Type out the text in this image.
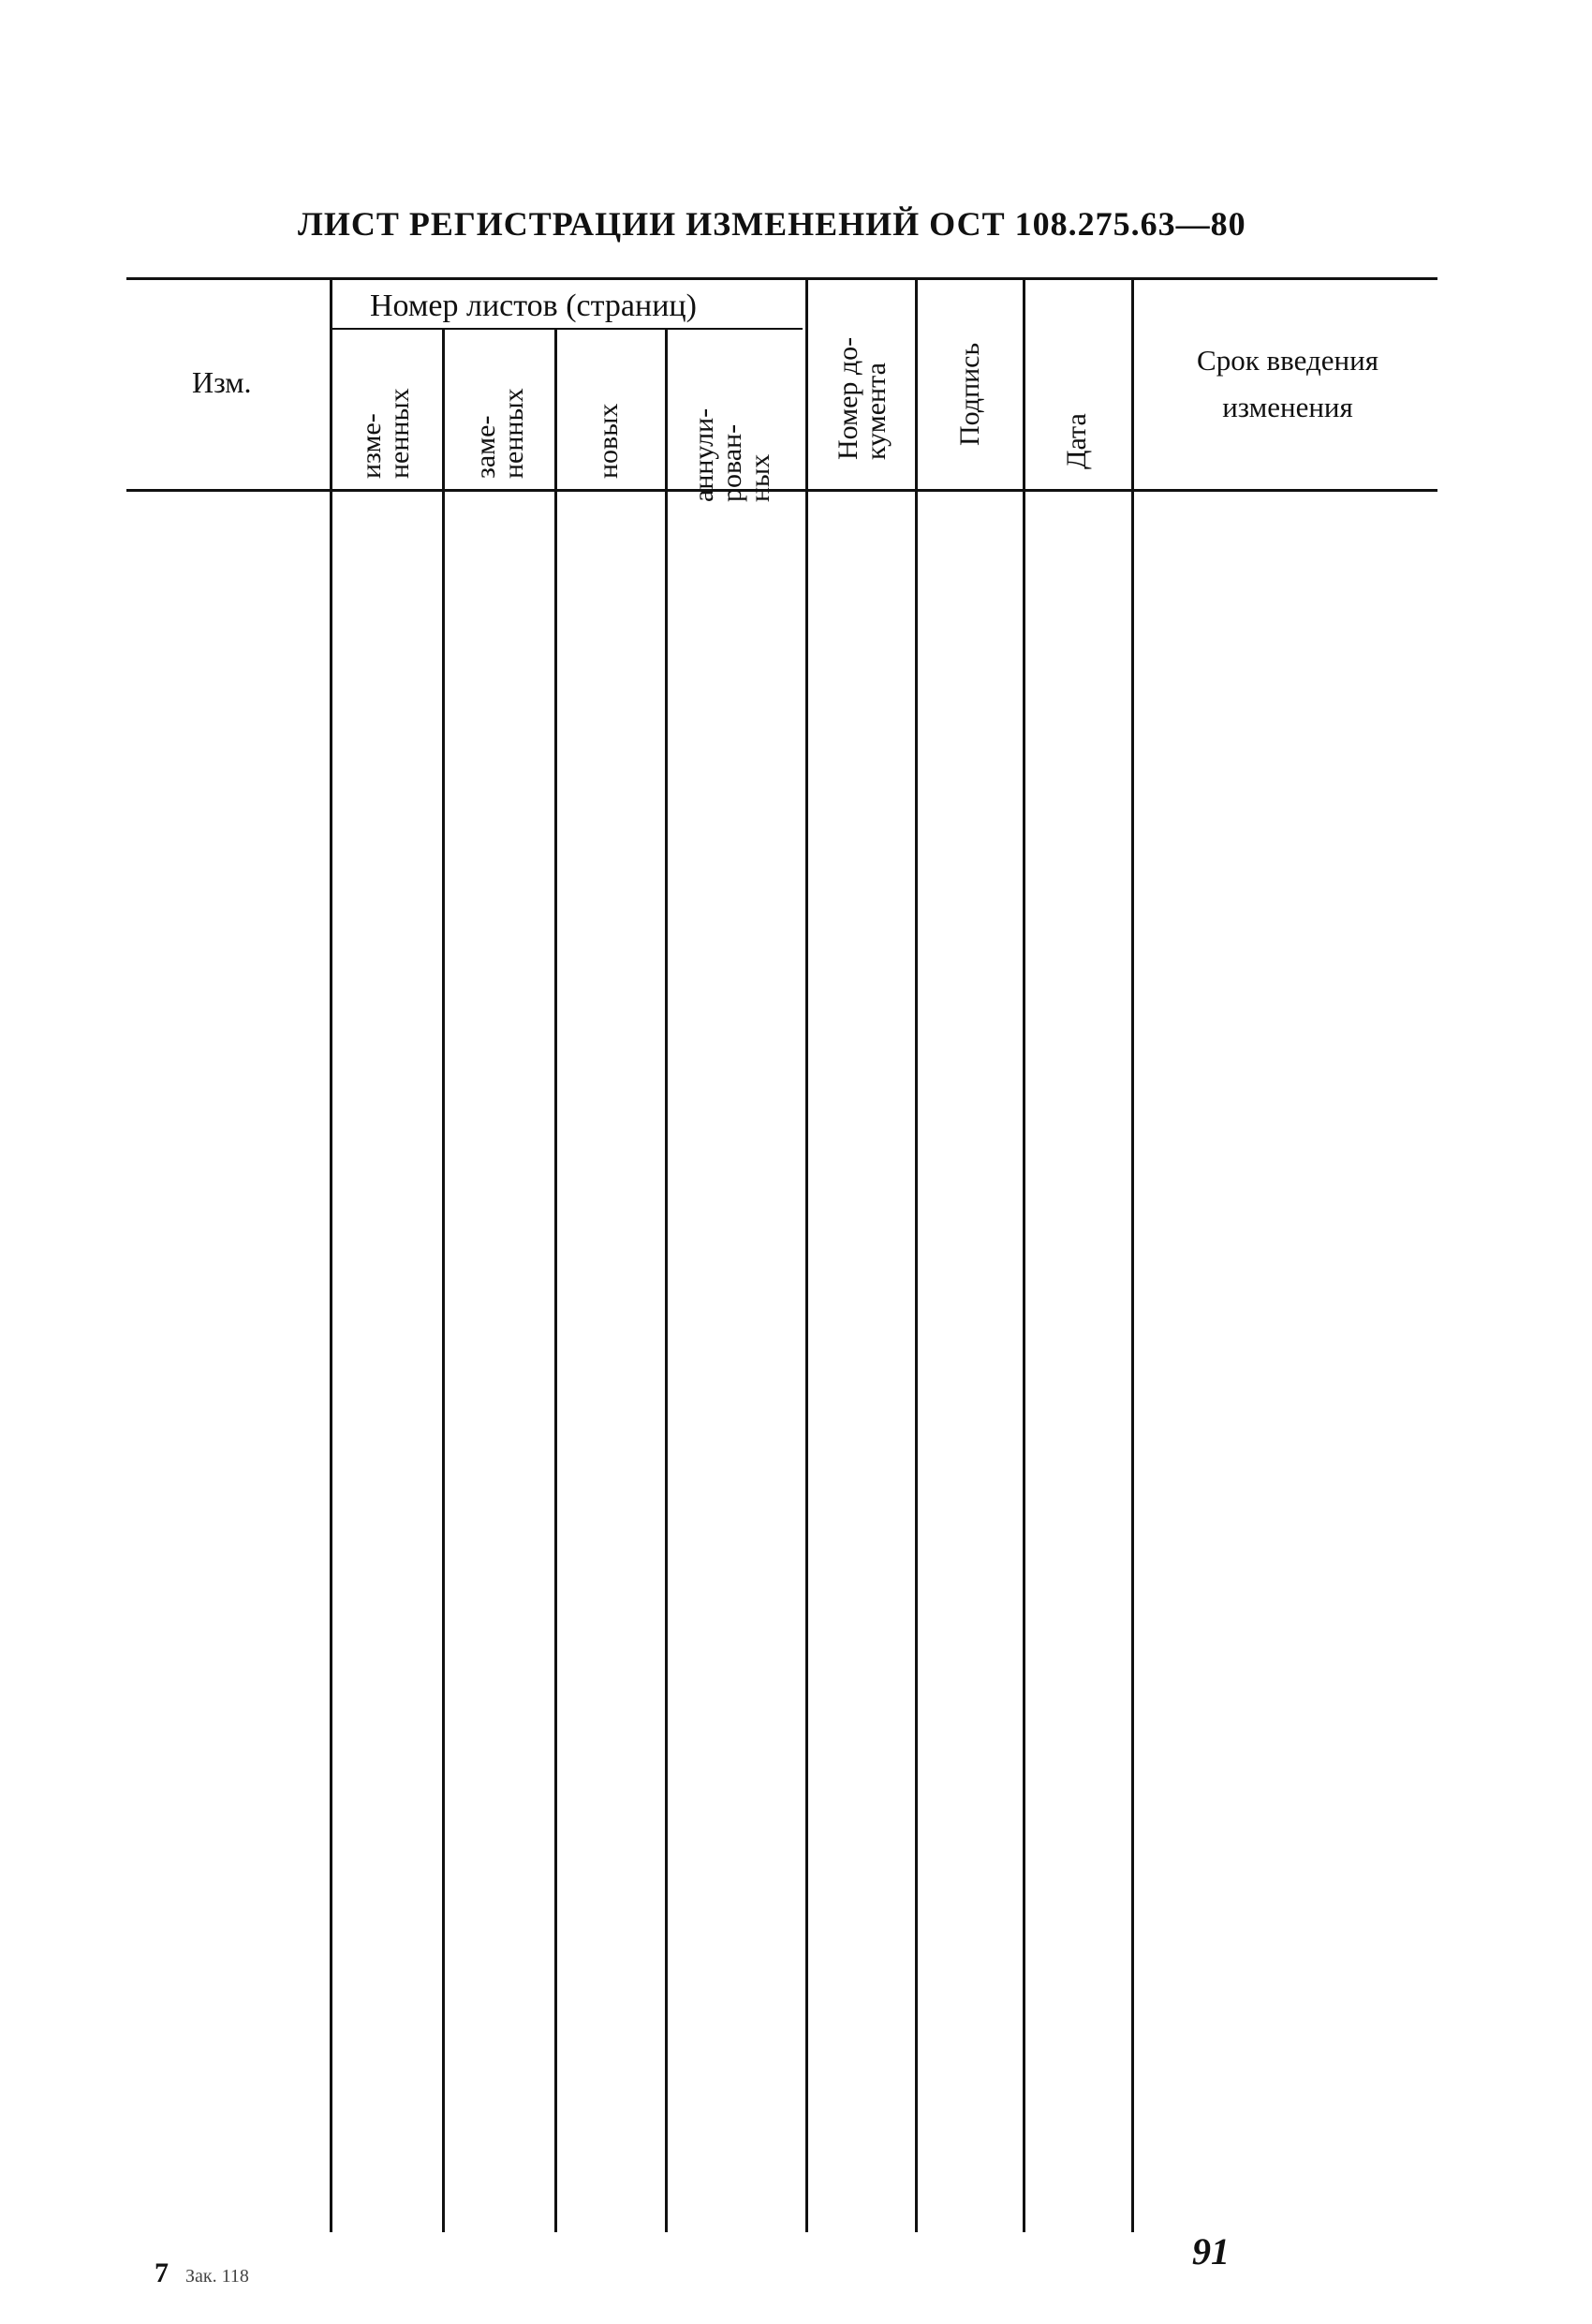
ЛИСТ РЕГИСТРАЦИИ ИЗМЕНЕНИЙ ОСТ 108.275.63—80
Изм.
Номер листов (страниц)
изме-
ненных заме-
ненных новых аннули-
рован-
ных
Номер до-
кумента Подпись	Дата
Срок введения
изменения
7 Зак. 118
91
